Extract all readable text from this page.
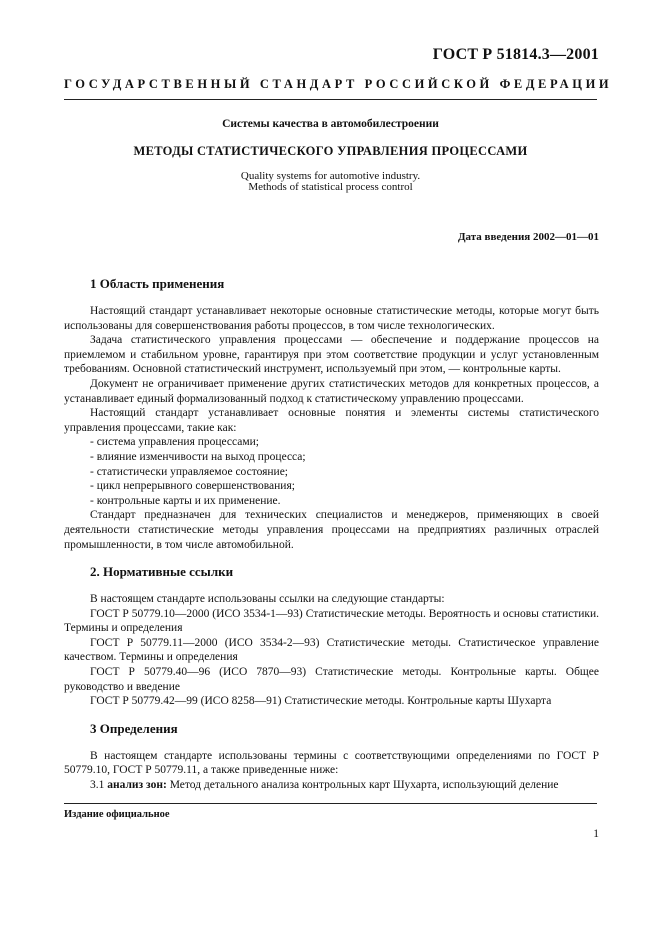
ГОСТ Р 51814.3—2001
ГОСУДАРСТВЕННЫЙ СТАНДАРТ РОССИЙСКОЙ ФЕДЕРАЦИИ
Системы качества в автомобилестроении
МЕТОДЫ СТАТИСТИЧЕСКОГО УПРАВЛЕНИЯ ПРОЦЕССАМИ
Quality systems for automotive industry.
Methods of statistical process control
Дата введения 2002—01—01
1 Область применения

Настоящий стандарт устанавливает некоторые основные статистические методы, которые могут быть использованы для совершенствования работы процессов, в том числе технологических.

Задача статистического управления процессами — обеспечение и поддержание процессов на приемлемом и стабильном уровне, гарантируя при этом соответствие продукции и услуг установленным требованиям. Основной статистический инструмент, используемый при этом, — контрольные карты.

Документ не ограничивает применение других статистических методов для конкретных процессов, а устанавливает единый формализованный подход к статистическому управлению процессами.

Настоящий стандарт устанавливает основные понятия и элементы системы статистического управления процессами, такие как:

- система управления процессами;
- влияние изменчивости на выход процесса;
- статистически управляемое состояние;
- цикл непрерывного совершенствования;
- контрольные карты и их применение.

Стандарт предназначен для технических специалистов и менеджеров, применяющих в своей деятельности статистические методы управления процессами на предприятиях различных отраслей промышленности, в том числе автомобильной.

2. Нормативные ссылки

В настоящем стандарте использованы ссылки на следующие стандарты:

ГОСТ Р 50779.10—2000 (ИСО 3534-1—93) Статистические методы. Вероятность и основы статистики. Термины и определения

ГОСТ Р 50779.11—2000 (ИСО 3534-2—93) Статистические методы. Статистическое управление качеством. Термины и определения

ГОСТ Р 50779.40—96 (ИСО 7870—93) Статистические методы. Контрольные карты. Общее руководство и введение

ГОСТ Р 50779.42—99 (ИСО 8258—91) Статистические методы. Контрольные карты Шухарта

3 Определения

В настоящем стандарте использованы термины с соответствующими определениями по ГОСТ Р 50779.10, ГОСТ Р 50779.11, а также приведенные ниже:

3.1 анализ зон: Метод детального анализа контрольных карт Шухарта, использующий деление

Издание официальное
1
